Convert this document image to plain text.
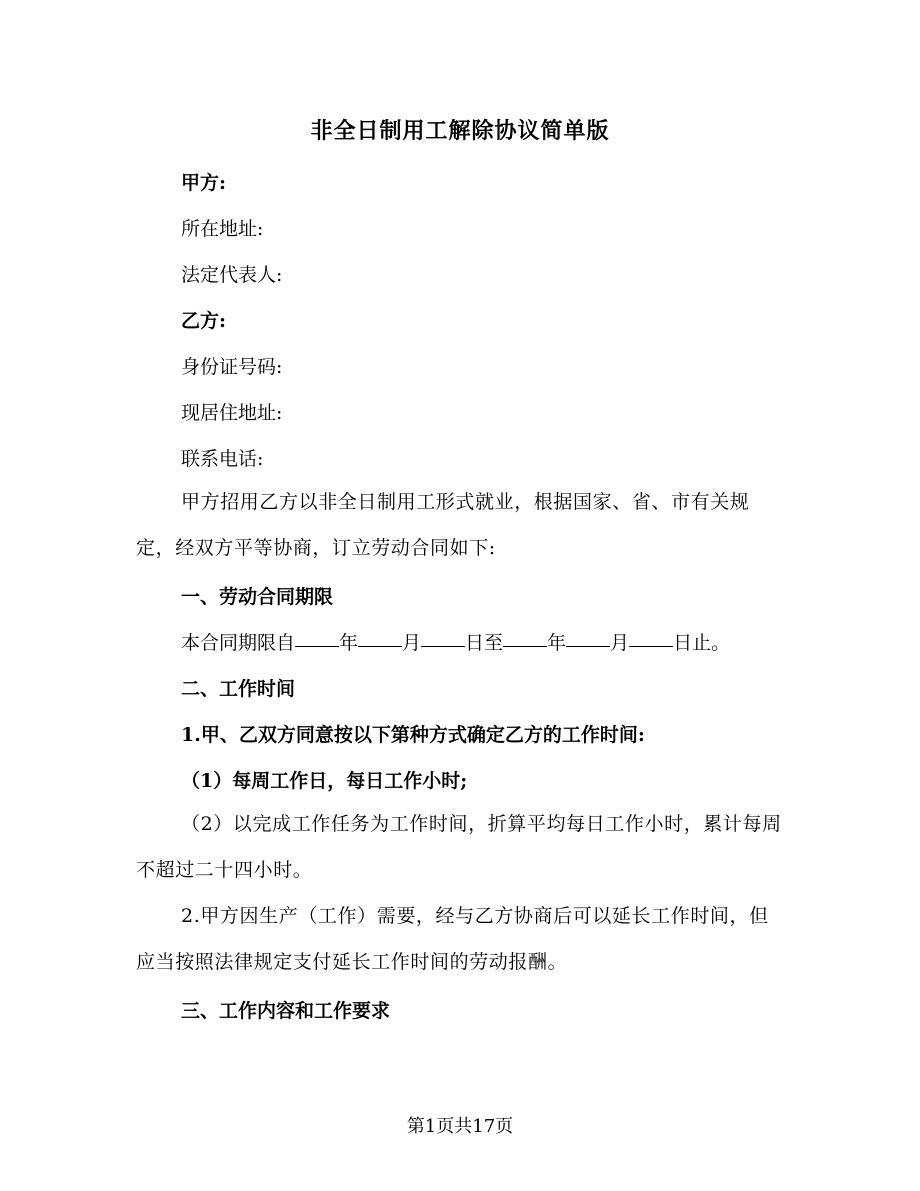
非全日制用工解除协议简单版
甲方:
所在地址:
法定代表人:
乙方:
身份证号码:
现居住地址:
联系电话:
甲方招用乙方以非全日制用工形式就业，根据国家、省、市有关规定，经双方平等协商，订立劳动合同如下:
一、劳动合同期限
本合同期限自 年 月 日至 年 月 日止。
二、工作时间
1.甲、乙双方同意按以下第种方式确定乙方的工作时间:
（1）每周工作日，每日工作小时;
（2）以完成工作任务为工作时间，折算平均每日工作小时，累计每周不超过二十四小时。
2.甲方因生产（工作）需要，经与乙方协商后可以延长工作时间，但应当按照法律规定支付延长工作时间的劳动报酬。
三、工作内容和工作要求
第1页共17页
